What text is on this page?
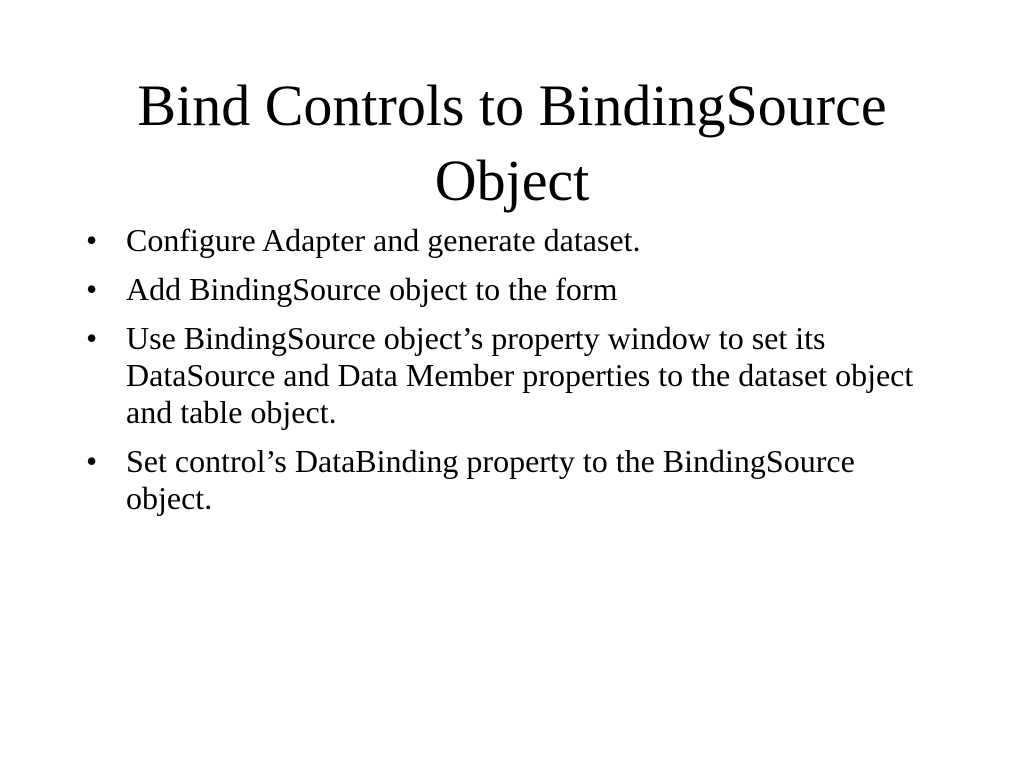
Bind Controls to BindingSource Object
• Configure Adapter and generate dataset.
• Add BindingSource object to the form
• Use BindingSource object’s property window to set its DataSource and Data Member properties to the dataset object and table object.
• Set control’s DataBinding property to the BindingSource object.
